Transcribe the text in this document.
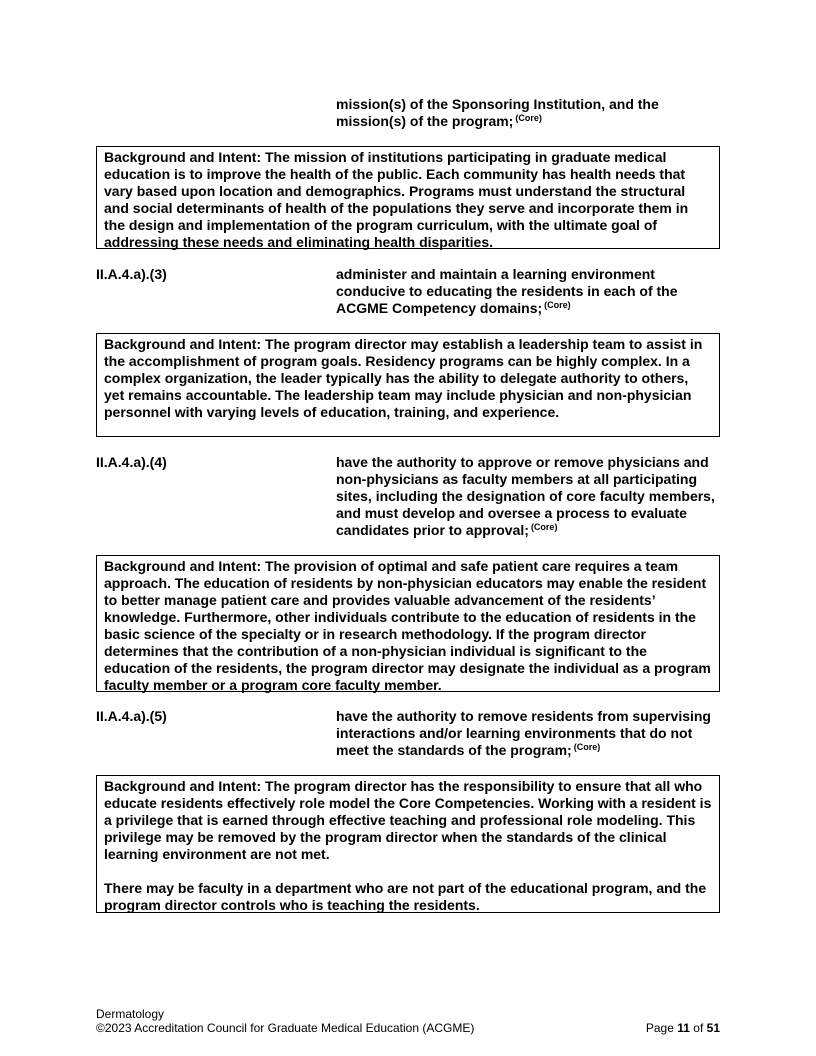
mission(s) of the Sponsoring Institution, and the mission(s) of the program; $^{(Core)}$

Background and Intent: The mission of institutions participating in graduate medical education is to improve the health of the public. Each community has health needs that vary based upon location and demographics. Programs must understand the structural and social determinants of health of the populations they serve and incorporate them in the design and implementation of the program curriculum, with the ultimate goal of addressing these needs and eliminating health disparities.

II.A.4.a).(3)	administer and maintain a learning environment conducive to educating the residents in each of the ACGME Competency domains; $^{(Core)}$

Background and Intent: The program director may establish a leadership team to assist in the accomplishment of program goals. Residency programs can be highly complex. In a complex organization, the leader typically has the ability to delegate authority to others, yet remains accountable. The leadership team may include physician and non-physician personnel with varying levels of education, training, and experience.

II.A.4.a).(4)	have the authority to approve or remove physicians and non-physicians as faculty members at all participating sites, including the designation of core faculty members, and must develop and oversee a process to evaluate candidates prior to approval; $^{(Core)}$

Background and Intent: The provision of optimal and safe patient care requires a team approach. The education of residents by non-physician educators may enable the resident to better manage patient care and provides valuable advancement of the residents’ knowledge. Furthermore, other individuals contribute to the education of residents in the basic science of the specialty or in research methodology. If the program director determines that the contribution of a non-physician individual is significant to the education of the residents, the program director may designate the individual as a program faculty member or a program core faculty member.

II.A.4.a).(5)	have the authority to remove residents from supervising interactions and/or learning environments that do not meet the standards of the program; $^{(Core)}$

Background and Intent: The program director has the responsibility to ensure that all who educate residents effectively role model the Core Competencies. Working with a resident is a privilege that is earned through effective teaching and professional role modeling. This privilege may be removed by the program director when the standards of the clinical learning environment are not met.

There may be faculty in a department who are not part of the educational program, and the program director controls who is teaching the residents.

Dermatology
©2023 Accreditation Council for Graduate Medical Education (ACGME)	Page 11 of 51
